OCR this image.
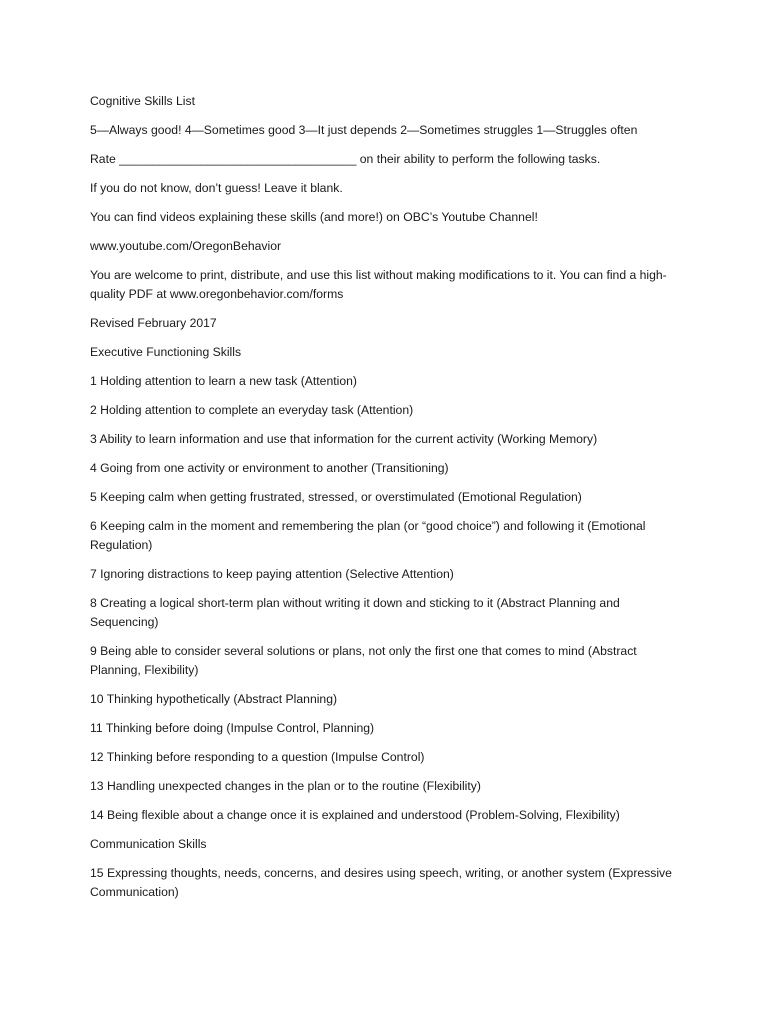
Cognitive Skills List

5—Always good! 4—Sometimes good 3—It just depends 2—Sometimes struggles 1—Struggles often

Rate ___________________________________ on their ability to perform the following tasks.

If you do not know, don’t guess! Leave it blank.

You can find videos explaining these skills (and more!) on OBC’s Youtube Channel!

www.youtube.com/OregonBehavior

You are welcome to print, distribute, and use this list without making modifications to it. You can find a high-quality PDF at www.oregonbehavior.com/forms

Revised February 2017

Executive Functioning Skills

1 Holding attention to learn a new task (Attention)

2 Holding attention to complete an everyday task (Attention)

3 Ability to learn information and use that information for the current activity (Working Memory)

4 Going from one activity or environment to another (Transitioning)

5 Keeping calm when getting frustrated, stressed, or overstimulated (Emotional Regulation)

6 Keeping calm in the moment and remembering the plan (or “good choice”) and following it (Emotional Regulation)

7 Ignoring distractions to keep paying attention (Selective Attention)

8 Creating a logical short-term plan without writing it down and sticking to it (Abstract Planning and Sequencing)

9 Being able to consider several solutions or plans, not only the first one that comes to mind (Abstract Planning, Flexibility)

10 Thinking hypothetically (Abstract Planning)

11 Thinking before doing (Impulse Control, Planning)

12 Thinking before responding to a question (Impulse Control)

13 Handling unexpected changes in the plan or to the routine (Flexibility)

14 Being flexible about a change once it is explained and understood (Problem-Solving, Flexibility)

Communication Skills

15 Expressing thoughts, needs, concerns, and desires using speech, writing, or another system (Expressive Communication)
